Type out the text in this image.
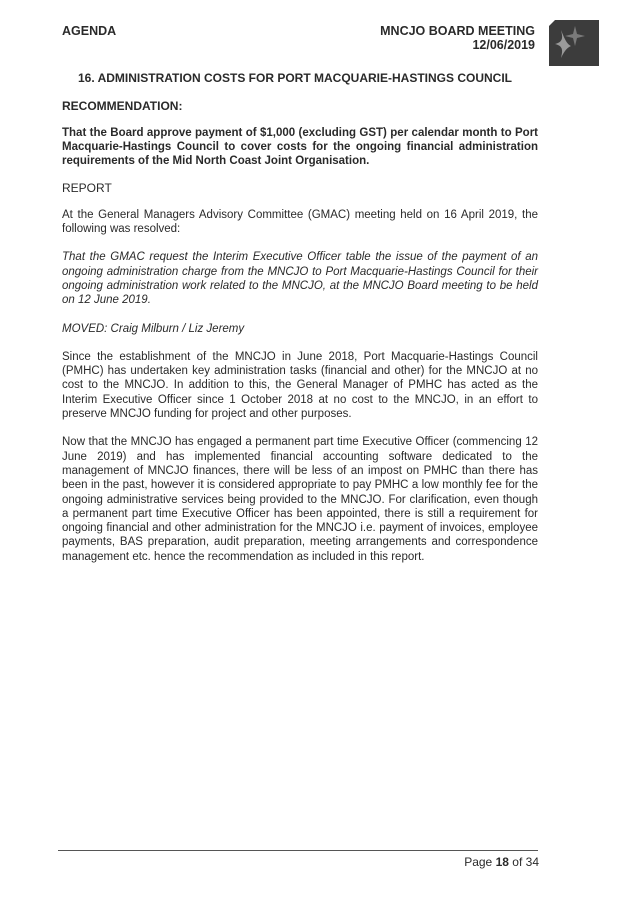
AGENDA	MNCJO BOARD MEETING
12/06/2019
16. ADMINISTRATION COSTS FOR PORT MACQUARIE-HASTINGS COUNCIL
RECOMMENDATION:
That the Board approve payment of $1,000 (excluding GST) per calendar month to Port Macquarie-Hastings Council to cover costs for the ongoing financial administration requirements of the Mid North Coast Joint Organisation.
REPORT

At the General Managers Advisory Committee (GMAC) meeting held on 16 April 2019, the following was resolved:

That the GMAC request the Interim Executive Officer table the issue of the payment of an ongoing administration charge from the MNCJO to Port Macquarie-Hastings Council for their ongoing administration work related to the MNCJO, at the MNCJO Board meeting to be held on 12 June 2019.

MOVED: Craig Milburn / Liz Jeremy

Since the establishment of the MNCJO in June 2018, Port Macquarie-Hastings Council (PMHC) has undertaken key administration tasks (financial and other) for the MNCJO at no cost to the MNCJO. In addition to this, the General Manager of PMHC has acted as the Interim Executive Officer since 1 October 2018 at no cost to the MNCJO, in an effort to preserve MNCJO funding for project and other purposes.

Now that the MNCJO has engaged a permanent part time Executive Officer (commencing 12 June 2019) and has implemented financial accounting software dedicated to the management of MNCJO finances, there will be less of an impost on PMHC than there has been in the past, however it is considered appropriate to pay PMHC a low monthly fee for the ongoing administrative services being provided to the MNCJO. For clarification, even though a permanent part time Executive Officer has been appointed, there is still a requirement for ongoing financial and other administration for the MNCJO i.e. payment of invoices, employee payments, BAS preparation, audit preparation, meeting arrangements and correspondence management etc. hence the recommendation as included in this report.

Page 18 of 34
